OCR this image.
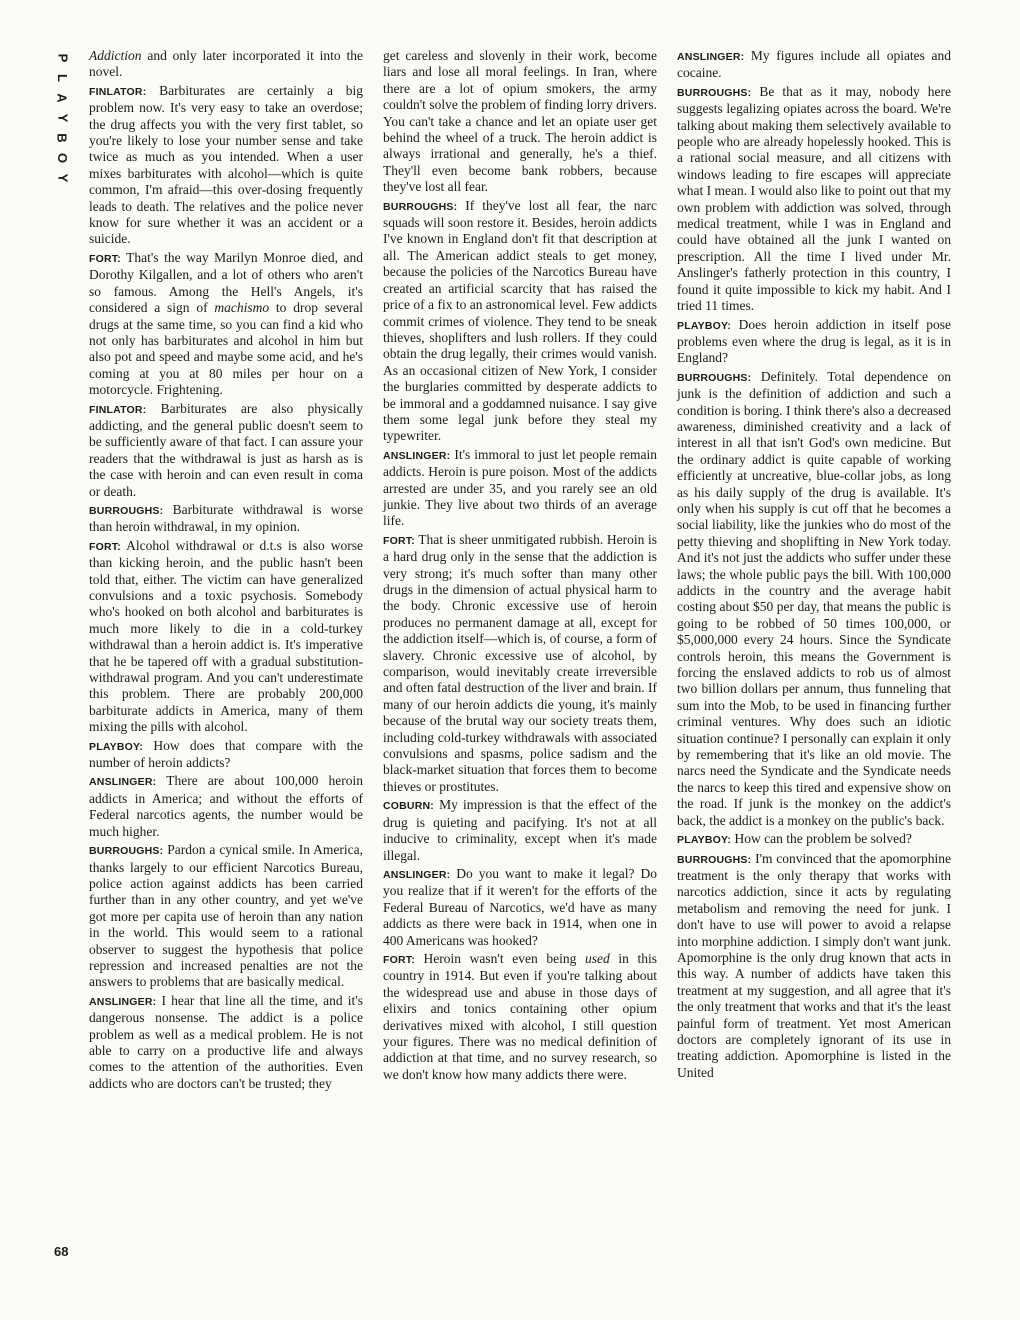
P
L
A
Y
B
O
Y
68

Addiction and only later incorporated it into the novel.

FINLATOR: Barbiturates are certainly a big problem now. It's very easy to take an overdose; the drug affects you with the very first tablet, so you're likely to lose your number sense and take twice as much as you intended. When a user mixes barbiturates with alcohol—which is quite common, I'm afraid—this over-dosing frequently leads to death. The relatives and the police never know for sure whether it was an accident or a suicide.

FORT: That's the way Marilyn Monroe died, and Dorothy Kilgallen, and a lot of others who aren't so famous. Among the Hell's Angels, it's considered a sign of machismo to drop several drugs at the same time, so you can find a kid who not only has barbiturates and alcohol in him but also pot and speed and maybe some acid, and he's coming at you at 80 miles per hour on a motorcycle. Frightening.

FINLATOR: Barbiturates are also physically addicting, and the general public doesn't seem to be sufficiently aware of that fact. I can assure your readers that the withdrawal is just as harsh as is the case with heroin and can even result in coma or death.

BURROUGHS: Barbiturate withdrawal is worse than heroin withdrawal, in my opinion.

FORT: Alcohol withdrawal or d.t.s is also worse than kicking heroin, and the public hasn't been told that, either. The victim can have generalized convulsions and a toxic psychosis. Somebody who's hooked on both alcohol and barbiturates is much more likely to die in a cold-turkey withdrawal than a heroin addict is. It's imperative that he be tapered off with a gradual substitution-withdrawal program. And you can't underestimate this problem. There are probably 200,000 barbiturate addicts in America, many of them mixing the pills with alcohol.

PLAYBOY: How does that compare with the number of heroin addicts?

ANSLINGER: There are about 100,000 heroin addicts in America; and without the efforts of Federal narcotics agents, the number would be much higher.

BURROUGHS: Pardon a cynical smile. In America, thanks largely to our efficient Narcotics Bureau, police action against addicts has been carried further than in any other country, and yet we've got more per capita use of heroin than any nation in the world. This would seem to a rational observer to suggest the hypothesis that police repression and increased penalties are not the answers to problems that are basically medical.

ANSLINGER: I hear that line all the time, and it's dangerous nonsense. The addict is a police problem as well as a medical problem. He is not able to carry on a productive life and always comes to the attention of the authorities. Even addicts who are doctors can't be trusted; they

get careless and slovenly in their work, become liars and lose all moral feelings. In Iran, where there are a lot of opium smokers, the army couldn't solve the problem of finding lorry drivers. You can't take a chance and let an opiate user get behind the wheel of a truck. The heroin addict is always irrational and generally, he's a thief. They'll even become bank robbers, because they've lost all fear.

BURROUGHS: If they've lost all fear, the narc squads will soon restore it. Besides, heroin addicts I've known in England don't fit that description at all. The American addict steals to get money, because the policies of the Narcotics Bureau have created an artificial scarcity that has raised the price of a fix to an astronomical level. Few addicts commit crimes of violence. They tend to be sneak thieves, shoplifters and lush rollers. If they could obtain the drug legally, their crimes would vanish. As an occasional citizen of New York, I consider the burglaries committed by desperate addicts to be immoral and a goddamned nuisance. I say give them some legal junk before they steal my typewriter.

ANSLINGER: It's immoral to just let people remain addicts. Heroin is pure poison. Most of the addicts arrested are under 35, and you rarely see an old junkie. They live about two thirds of an average life.

FORT: That is sheer unmitigated rubbish. Heroin is a hard drug only in the sense that the addiction is very strong; it's much softer than many other drugs in the dimension of actual physical harm to the body. Chronic excessive use of heroin produces no permanent damage at all, except for the addiction itself—which is, of course, a form of slavery. Chronic excessive use of alcohol, by comparison, would inevitably create irreversible and often fatal destruction of the liver and brain. If many of our heroin addicts die young, it's mainly because of the brutal way our society treats them, including cold-turkey withdrawals with associated convulsions and spasms, police sadism and the black-market situation that forces them to become thieves or prostitutes.

COBURN: My impression is that the effect of the drug is quieting and pacifying. It's not at all inducive to criminality, except when it's made illegal.

ANSLINGER: Do you want to make it legal? Do you realize that if it weren't for the efforts of the Federal Bureau of Narcotics, we'd have as many addicts as there were back in 1914, when one in 400 Americans was hooked?

FORT: Heroin wasn't even being used in this country in 1914. But even if you're talking about the widespread use and abuse in those days of elixirs and tonics containing other opium derivatives mixed with alcohol, I still question your figures. There was no medical definition of addiction at that time, and no survey research, so we don't know how many addicts there were.

ANSLINGER: My figures include all opiates and cocaine.

BURROUGHS: Be that as it may, nobody here suggests legalizing opiates across the board. We're talking about making them selectively available to people who are already hopelessly hooked. This is a rational social measure, and all citizens with windows leading to fire escapes will appreciate what I mean. I would also like to point out that my own problem with addiction was solved, through medical treatment, while I was in England and could have obtained all the junk I wanted on prescription. All the time I lived under Mr. Anslinger's fatherly protection in this country, I found it quite impossible to kick my habit. And I tried 11 times.

PLAYBOY: Does heroin addiction in itself pose problems even where the drug is legal, as it is in England?

BURROUGHS: Definitely. Total dependence on junk is the definition of addiction and such a condition is boring. I think there's also a decreased awareness, diminished creativity and a lack of interest in all that isn't God's own medicine. But the ordinary addict is quite capable of working efficiently at uncreative, blue-collar jobs, as long as his daily supply of the drug is available. It's only when his supply is cut off that he becomes a social liability, like the junkies who do most of the petty thieving and shoplifting in New York today. And it's not just the addicts who suffer under these laws; the whole public pays the bill. With 100,000 addicts in the country and the average habit costing about $50 per day, that means the public is going to be robbed of 50 times 100,000, or $5,000,000 every 24 hours. Since the Syndicate controls heroin, this means the Government is forcing the enslaved addicts to rob us of almost two billion dollars per annum, thus funneling that sum into the Mob, to be used in financing further criminal ventures. Why does such an idiotic situation continue? I personally can explain it only by remembering that it's like an old movie. The narcs need the Syndicate and the Syndicate needs the narcs to keep this tired and expensive show on the road. If junk is the monkey on the addict's back, the addict is a monkey on the public's back.

PLAYBOY: How can the problem be solved?

BURROUGHS: I'm convinced that the apomorphine treatment is the only therapy that works with narcotics addiction, since it acts by regulating metabolism and removing the need for junk. I don't have to use will power to avoid a relapse into morphine addiction. I simply don't want junk. Apomorphine is the only drug known that acts in this way. A number of addicts have taken this treatment at my suggestion, and all agree that it's the only treatment that works and that it's the least painful form of treatment. Yet most American doctors are completely ignorant of its use in treating addiction. Apomorphine is listed in the United
